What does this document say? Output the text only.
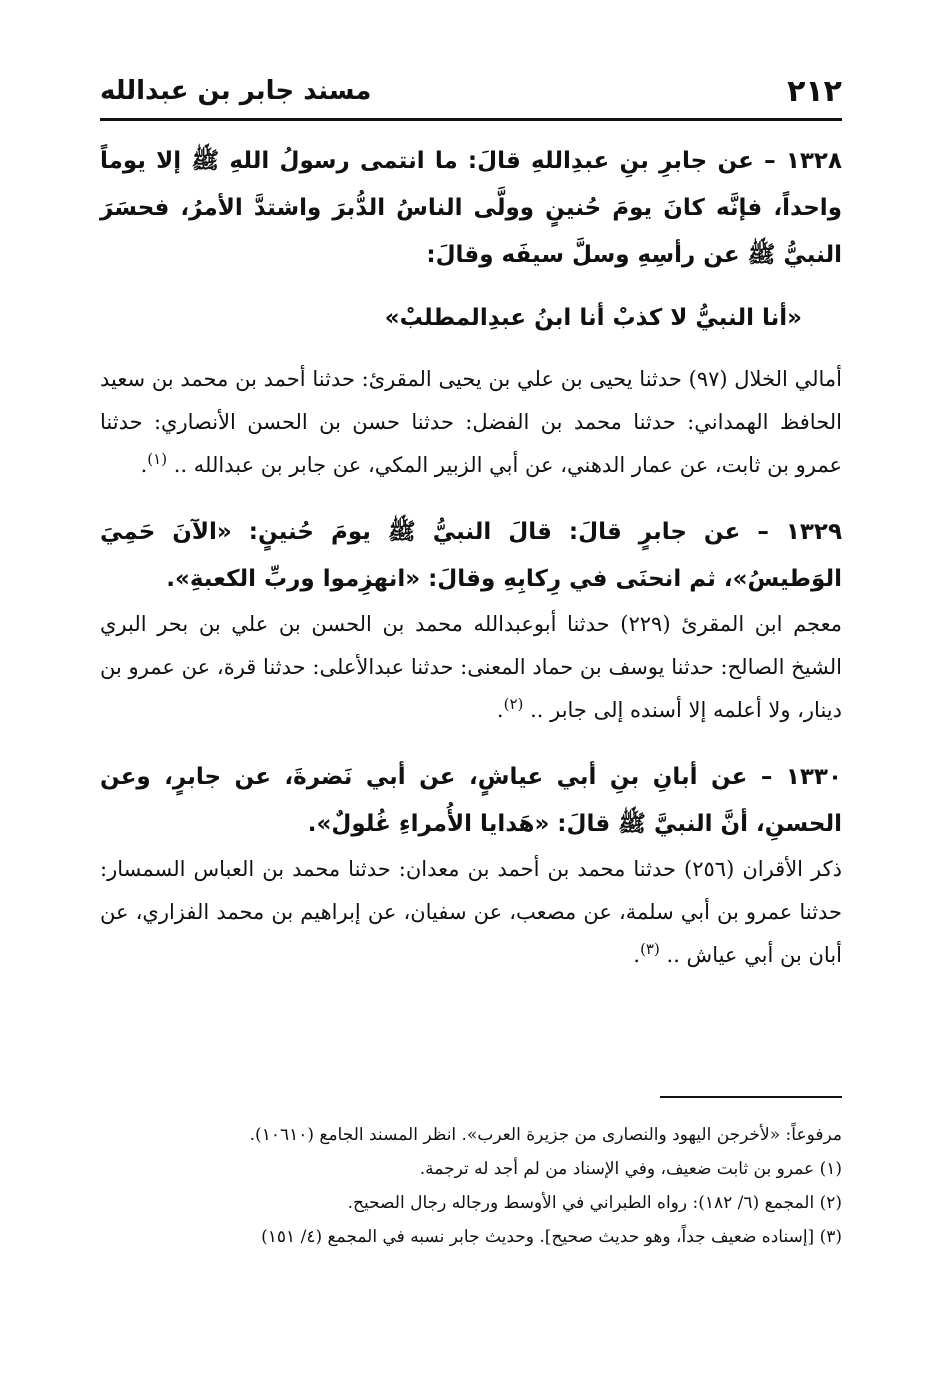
٢١٢
مسند جابر بن عبدالله

١٣٢٨ – عن جابرِ بنِ عبدِاللهِ قالَ: ما انتمى رسولُ اللهِ ﷺ إلا يوماً واحداً، فإنَّه كانَ يومَ حُنينٍ وولَّى الناسُ الدُّبرَ واشتدَّ الأمرُ، فحسَرَ النبيُّ ﷺ عن رأسِهِ وسلَّ سيفَه وقالَ:

«أنا النبيُّ لا كذبْ أنا ابنُ عبدِالمطلبْ»

أمالي الخلال (٩٧) حدثنا يحيى بن علي بن يحيى المقرئ: حدثنا أحمد بن محمد بن سعيد الحافظ الهمداني: حدثنا محمد بن الفضل: حدثنا حسن بن الحسن الأنصاري: حدثنا عمرو بن ثابت، عن عمار الدهني، عن أبي الزبير المكي، عن جابر بن عبدالله .. $^{(١)}$.

١٣٢٩ – عن جابرٍ قالَ: قالَ النبيُّ ﷺ يومَ حُنينٍ: «الآنَ حَمِيَ الوَطيسُ»، ثم انحنَى في رِكابِهِ وقالَ: «انهزِموا وربِّ الكعبةِ».

معجم ابن المقرئ (٢٢٩) حدثنا أبوعبدالله محمد بن الحسن بن علي بن بحر البري الشيخ الصالح: حدثنا يوسف بن حماد المعنى: حدثنا عبدالأعلى: حدثنا قرة، عن عمرو بن دينار، ولا أعلمه إلا أسنده إلى جابر .. $^{(٢)}$.

١٣٣٠ – عن أبانِ بنِ أبي عياشٍ، عن أبي نَضرةَ، عن جابرٍ، وعن الحسنِ، أنَّ النبيَّ ﷺ قالَ: «هَدايا الأُمراءِ غُلولٌ».

ذكر الأقران (٢٥٦) حدثنا محمد بن أحمد بن معدان: حدثنا محمد بن العباس السمسار: حدثنا عمرو بن أبي سلمة، عن مصعب، عن سفيان، عن إبراهيم بن محمد الفزاري، عن أبان بن أبي عياش .. $^{(٣)}$.

مرفوعاً: «لأخرجن اليهود والنصارى من جزيرة العرب». انظر المسند الجامع (١٠٦١٠).

(١) عمرو بن ثابت ضعيف، وفي الإسناد من لم أجد له ترجمة.

(٢) المجمع (٦/ ١٨٢): رواه الطبراني في الأوسط ورجاله رجال الصحيح.

(٣) [إسناده ضعيف جداً، وهو حديث صحيح]. وحديث جابر نسبه في المجمع (٤/ ١٥١)
